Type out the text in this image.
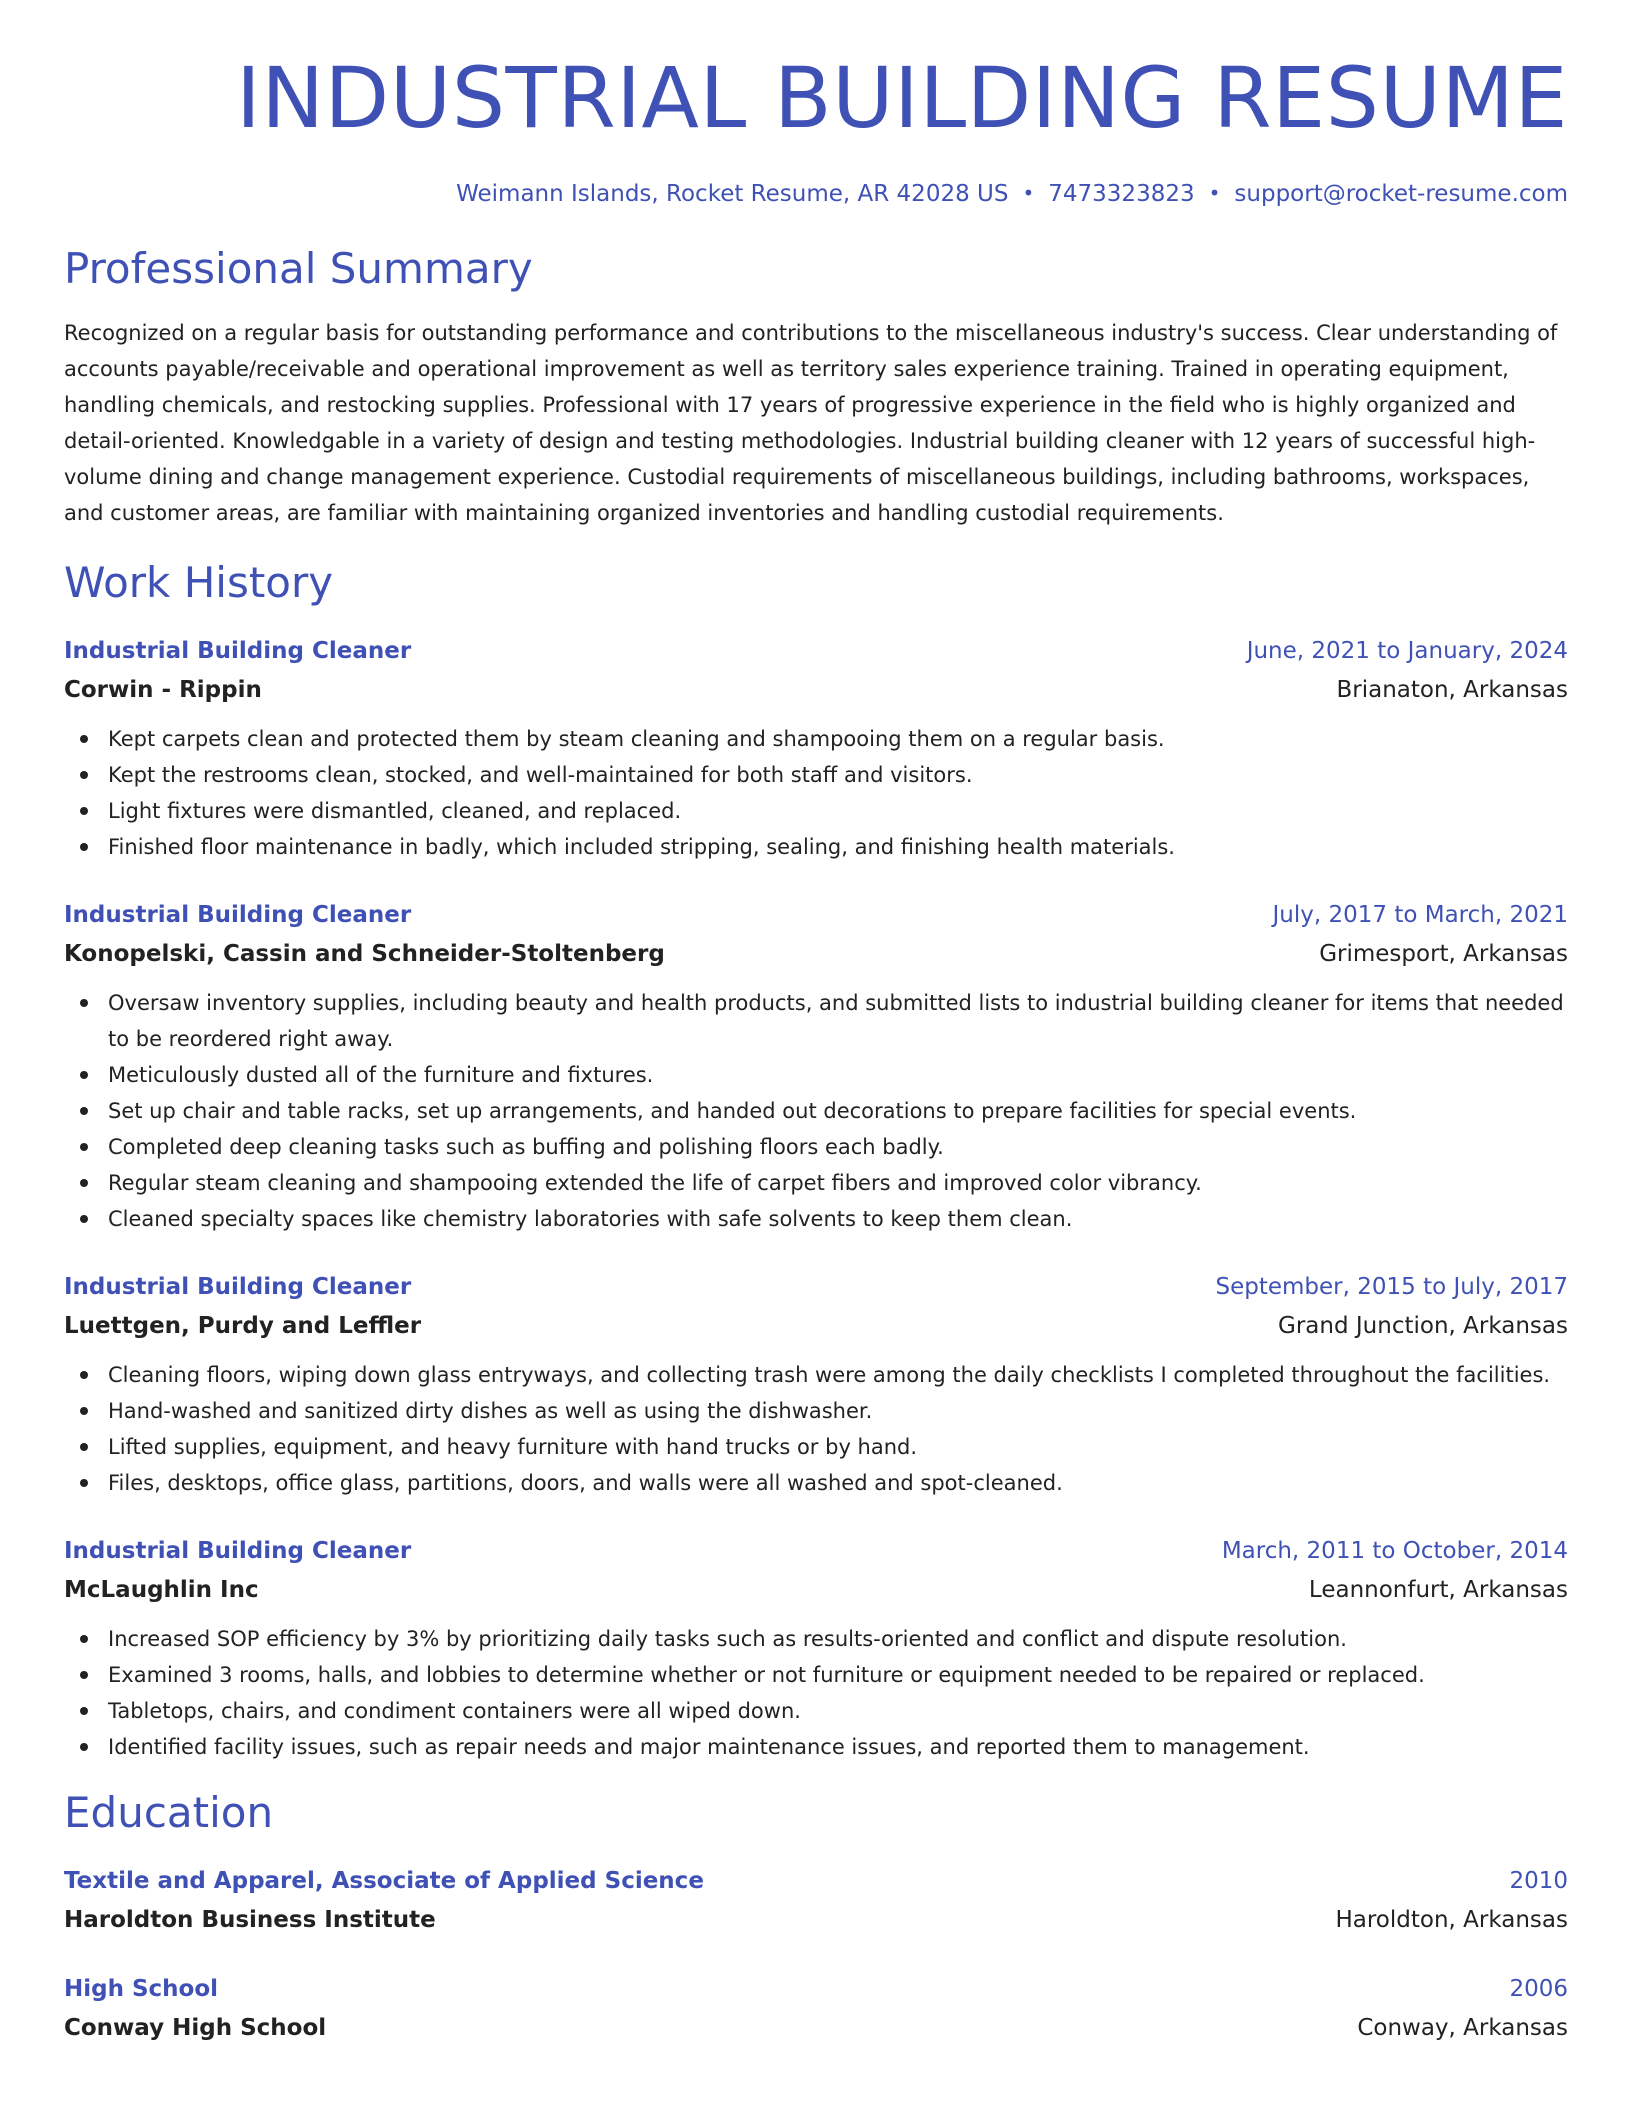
INDUSTRIAL BUILDING RESUME
Weimann Islands, Rocket Resume, AR 42028 US • 7473323823 • support@rocket-resume.com
Professional Summary

Recognized on a regular basis for outstanding performance and contributions to the miscellaneous industry's success. Clear understanding of accounts payable/receivable and operational improvement as well as territory sales experience training. Trained in operating equipment, handling chemicals, and restocking supplies. Professional with 17 years of progressive experience in the field who is highly organized and detail-oriented. Knowledgable in a variety of design and testing methodologies. Industrial building cleaner with 12 years of successful high-volume dining and change management experience. Custodial requirements of miscellaneous buildings, including bathrooms, workspaces, and customer areas, are familiar with maintaining organized inventories and handling custodial requirements.

Work History
Industrial Building Cleaner	June, 2021 to January, 2024
Corwin - Rippin	Brianaton, Arkansas
Kept carpets clean and protected them by steam cleaning and shampooing them on a regular basis.
Kept the restrooms clean, stocked, and well-maintained for both staff and visitors.
Light fixtures were dismantled, cleaned, and replaced.
Finished floor maintenance in badly, which included stripping, sealing, and finishing health materials.
Industrial Building Cleaner	July, 2017 to March, 2021
Konopelski, Cassin and Schneider-Stoltenberg	Grimesport, Arkansas
Oversaw inventory supplies, including beauty and health products, and submitted lists to industrial building cleaner for items that needed to be reordered right away.
Meticulously dusted all of the furniture and fixtures.
Set up chair and table racks, set up arrangements, and handed out decorations to prepare facilities for special events.
Completed deep cleaning tasks such as buffing and polishing floors each badly.
Regular steam cleaning and shampooing extended the life of carpet fibers and improved color vibrancy.
Cleaned specialty spaces like chemistry laboratories with safe solvents to keep them clean.
Industrial Building Cleaner	September, 2015 to July, 2017
Luettgen, Purdy and Leffler	Grand Junction, Arkansas
Cleaning floors, wiping down glass entryways, and collecting trash were among the daily checklists I completed throughout the facilities.
Hand-washed and sanitized dirty dishes as well as using the dishwasher.
Lifted supplies, equipment, and heavy furniture with hand trucks or by hand.
Files, desktops, office glass, partitions, doors, and walls were all washed and spot-cleaned.
Industrial Building Cleaner	March, 2011 to October, 2014
McLaughlin Inc	Leannonfurt, Arkansas
Increased SOP efficiency by 3% by prioritizing daily tasks such as results-oriented and conflict and dispute resolution.
Examined 3 rooms, halls, and lobbies to determine whether or not furniture or equipment needed to be repaired or replaced.
Tabletops, chairs, and condiment containers were all wiped down.
Identified facility issues, such as repair needs and major maintenance issues, and reported them to management.
Education
Textile and Apparel, Associate of Applied Science	2010
Haroldton Business Institute	Haroldton, Arkansas
High School	2006
Conway High School	Conway, Arkansas
